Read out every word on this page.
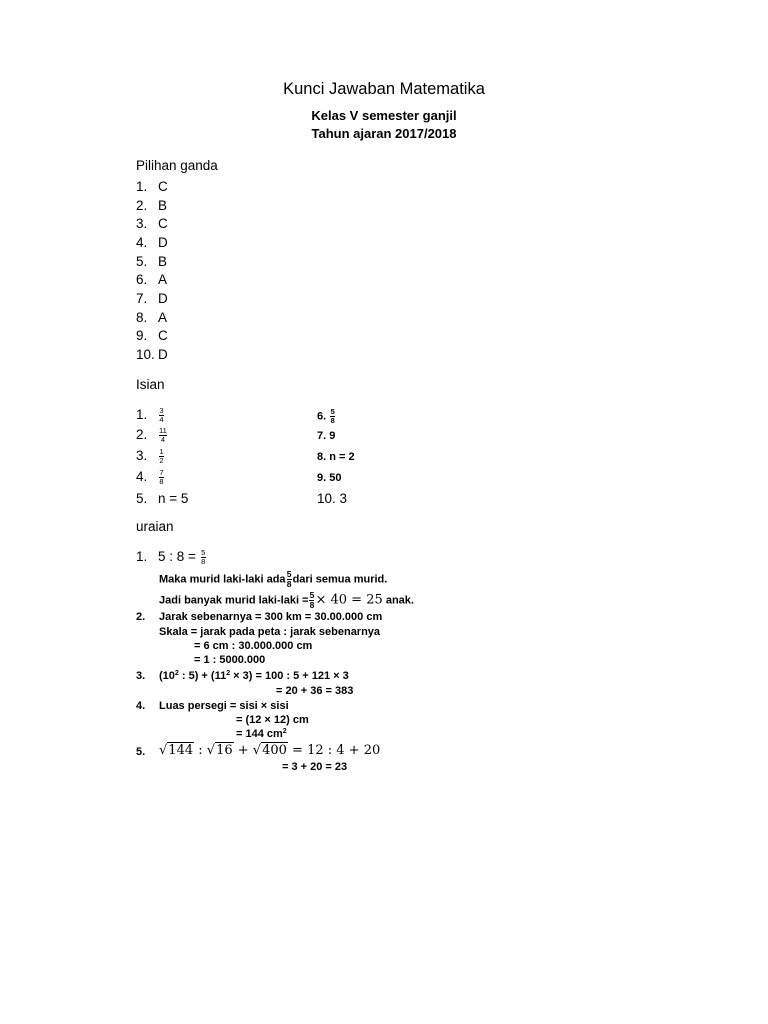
Kunci Jawaban Matematika
Kelas V semester ganjil
Tahun ajaran 2017/2018
Pilihan ganda
1. C
2. B
3. C
4. D
5. B
6. A
7. D
8. A
9. C
10. D
Isian
1. $\frac{3}{4}$
2. $\frac{11}{4}$
3. $\frac{1}{2}$
4. $\frac{7}{8}$
5. n = 5
6. $\frac{5}{8}$
7. 9
8. n = 2
9. 50
10. 3
uraian
1. 5 : $8 = \frac{5}{8}$
Maka murid laki-laki ada $\frac{5}{8}$ dari semua murid.
Jadi banyak murid laki-laki = $\frac{5}{8} \times 40 = 25$ anak.
2. Jarak sebenarnya = 300 km = 30.00.000 cm
Skala = jarak pada peta : jarak sebenarnya
= 6 cm : 30.000.000 cm
= 1 : 5000.000
3. ($10^2$ : $5) + (11^2 \times 3) = 100$ : 5 + 121 × 3
= 20 + 36 = 383
4. Luas persegi = sisi × sisi
= (12 × 12) cm
= 144 $cm^2$
5. √144 : √16 + √400 = 12 : 4 + 20
= 3 + 20 = 23
